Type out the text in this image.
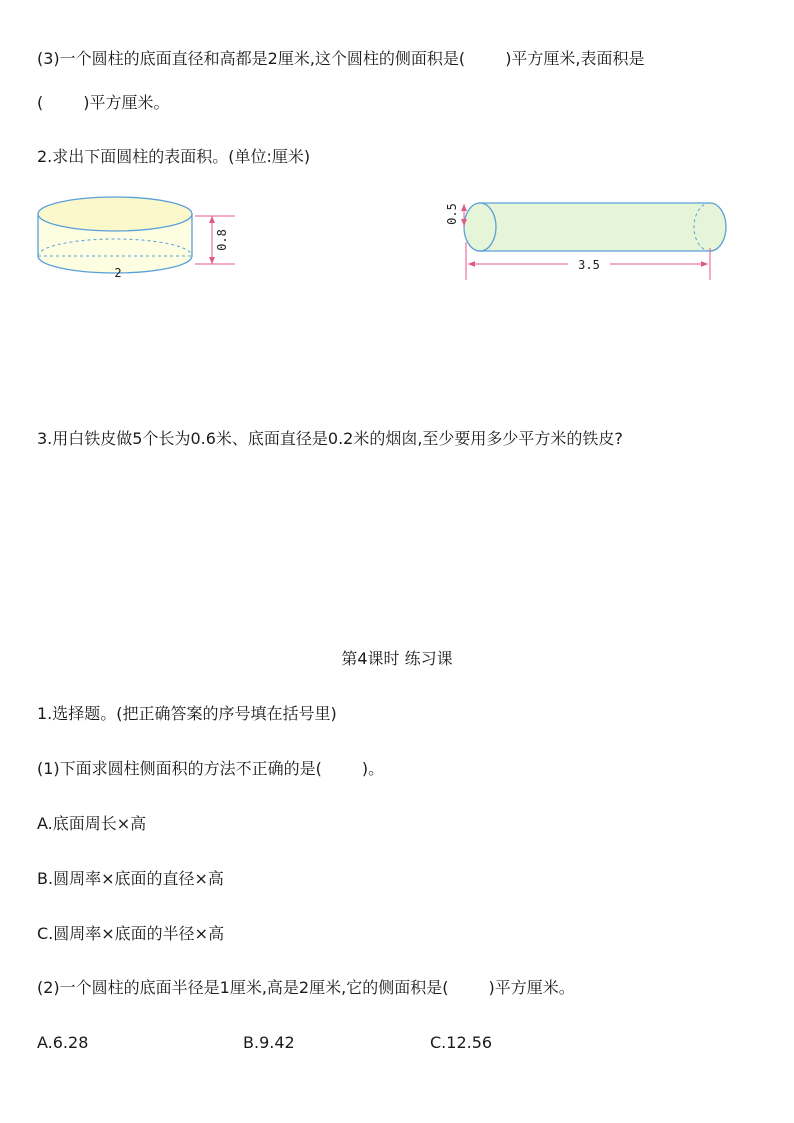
(3)一个圆柱的底面直径和高都是2厘米,这个圆柱的侧面积是(	)平方厘米,表面积是
(	)平方厘米。
2.求出下面圆柱的表面积。(单位:厘米)
0.8
2
0.5
3.5
3.用白铁皮做5个长为0.6米、底面直径是0.2米的烟囱,至少要用多少平方米的铁皮?
第4课时 练习课
1.选择题。(把正确答案的序号填在括号里)
(1)下面求圆柱侧面积的方法不正确的是(	)。
A.底面周长×高
B.圆周率×底面的直径×高
C.圆周率×底面的半径×高
(2)一个圆柱的底面半径是1厘米,高是2厘米,它的侧面积是(	)平方厘米。
A.6.28	B.9.42	C.12.56
